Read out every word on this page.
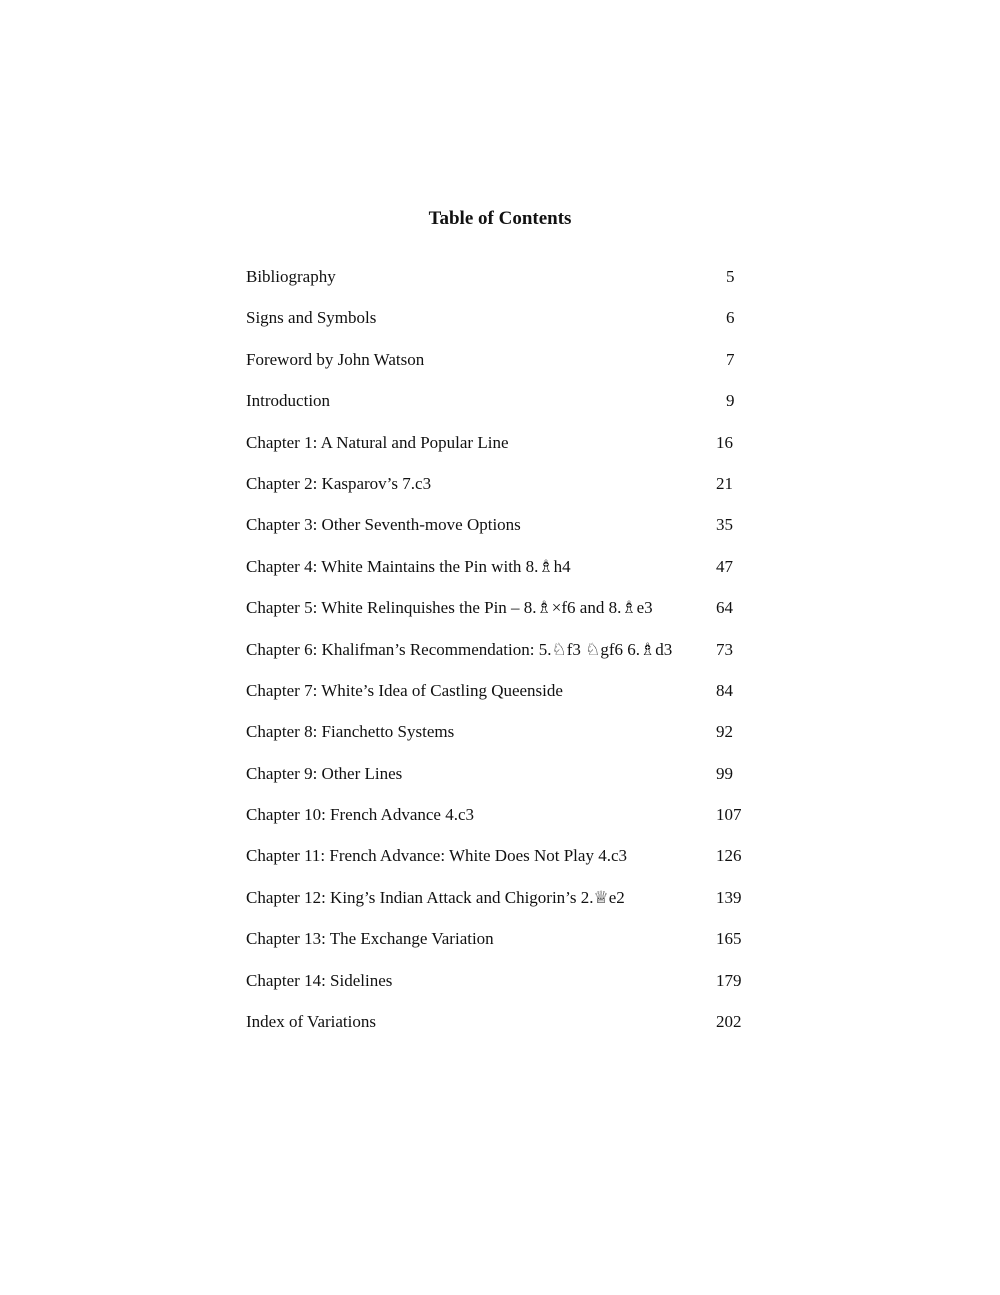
Table of Contents
Bibliography	5
Signs and Symbols	6
Foreword by John Watson	7
Introduction	9
Chapter 1: A Natural and Popular Line	16
Chapter 2: Kasparov’s 7.c3	21
Chapter 3: Other Seventh-move Options	35
Chapter 4: White Maintains the Pin with 8.♗h4	47
Chapter 5: White Relinquishes the Pin – 8.♗×f6 and 8.♗e3	64
Chapter 6: Khalifman’s Recommendation: 5.♘f3 ♘gf6 6.♗d3	73
Chapter 7: White’s Idea of Castling Queenside	84
Chapter 8: Fianchetto Systems	92
Chapter 9: Other Lines	99
Chapter 10: French Advance 4.c3	107
Chapter 11: French Advance: White Does Not Play 4.c3	126
Chapter 12: King’s Indian Attack and Chigorin’s 2.♕e2	139
Chapter 13: The Exchange Variation	165
Chapter 14: Sidelines	179
Index of Variations	202
